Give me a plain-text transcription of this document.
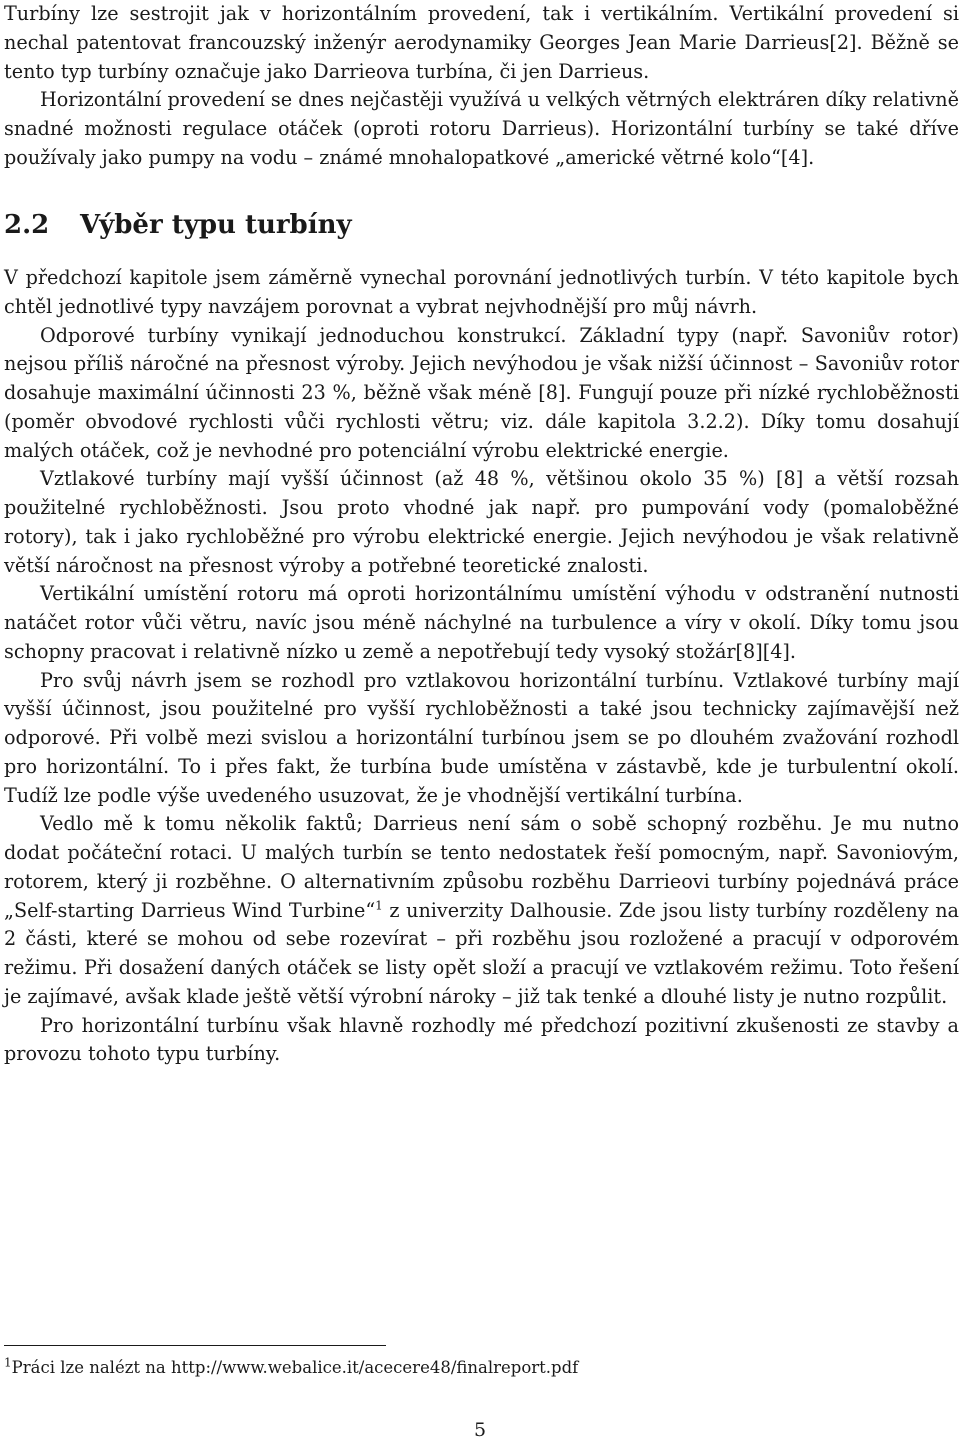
Turbíny lze sestrojit jak v horizontálním provedení, tak i vertikálním. Vertikální provedení si nechal patentovat francouzský inženýr aerodynamiky Georges Jean Marie Darrieus[2]. Běžně se tento typ turbíny označuje jako Darrieova turbína, či jen Darrieus.

Horizontální provedení se dnes nejčastěji využívá u velkých větrných elektráren díky relativně snadné možnosti regulace otáček (oproti rotoru Darrieus). Horizontální turbíny se také dříve používaly jako pumpy na vodu – známé mnohalopatkové „americké větrné kolo“[4].

2.2 Výběr typu turbíny

V předchozí kapitole jsem záměrně vynechal porovnání jednotlivých turbín. V této kapitole bych chtěl jednotlivé typy navzájem porovnat a vybrat nejvhodnější pro můj návrh.

Odporové turbíny vynikají jednoduchou konstrukcí. Základní typy (např. Savoniův rotor) nejsou příliš náročné na přesnost výroby. Jejich nevýhodou je však nižší účinnost – Savoniův rotor dosahuje maximální účinnosti 23 %, běžně však méně [8]. Fungují pouze při nízké rychloběžnosti (poměr obvodové rychlosti vůči rychlosti větru; viz. dále kapitola 3.2.2). Díky tomu dosahují malých otáček, což je nevhodné pro potenciální výrobu elektrické energie.

Vztlakové turbíny mají vyšší účinnost (až 48 %, většinou okolo 35 %) [8] a větší rozsah použitelné rychloběžnosti. Jsou proto vhodné jak např. pro pumpování vody (pomaloběžné rotory), tak i jako rychloběžné pro výrobu elektrické energie. Jejich nevýhodou je však relativně větší náročnost na přesnost výroby a potřebné teoretické znalosti.

Vertikální umístění rotoru má oproti horizontálnímu umístění výhodu v odstranění nutnosti natáčet rotor vůči větru, navíc jsou méně náchylné na turbulence a víry v okolí. Díky tomu jsou schopny pracovat i relativně nízko u země a nepotřebují tedy vysoký stožár[8][4].

Pro svůj návrh jsem se rozhodl pro vztlakovou horizontální turbínu. Vztlakové turbíny mají vyšší účinnost, jsou použitelné pro vyšší rychloběžnosti a také jsou technicky zajímavější než odporové. Při volbě mezi svislou a horizontální turbínou jsem se po dlouhém zvažování rozhodl pro horizontální. To i přes fakt, že turbína bude umístěna v zástavbě, kde je turbulentní okolí. Tudíž lze podle výše uvedeného usuzovat, že je vhodnější vertikální turbína.

Vedlo mě k tomu několik faktů; Darrieus není sám o sobě schopný rozběhu. Je mu nutno dodat počáteční rotaci. U malých turbín se tento nedostatek řeší pomocným, např. Savoniovým, rotorem, který ji rozběhne. O alternativním způsobu rozběhu Darrieovi turbíny pojednává práce „Self-starting Darrieus Wind Turbine“$^1$ z univerzity Dalhousie. Zde jsou listy turbíny rozděleny na 2 části, které se mohou od sebe rozevírat – při rozběhu jsou rozložené a pracují v odporovém režimu. Při dosažení daných otáček se listy opět složí a pracují ve vztlakovém režimu. Toto řešení je zajímavé, avšak klade ještě větší výrobní nároky – již tak tenké a dlouhé listy je nutno rozpůlit.

Pro horizontální turbínu však hlavně rozhodly mé předchozí pozitivní zkušenosti ze stavby a provozu tohoto typu turbíny.

$^1$Práci lze nalézt na http://www.webalice.it/acecere48/finalreport.pdf

5
